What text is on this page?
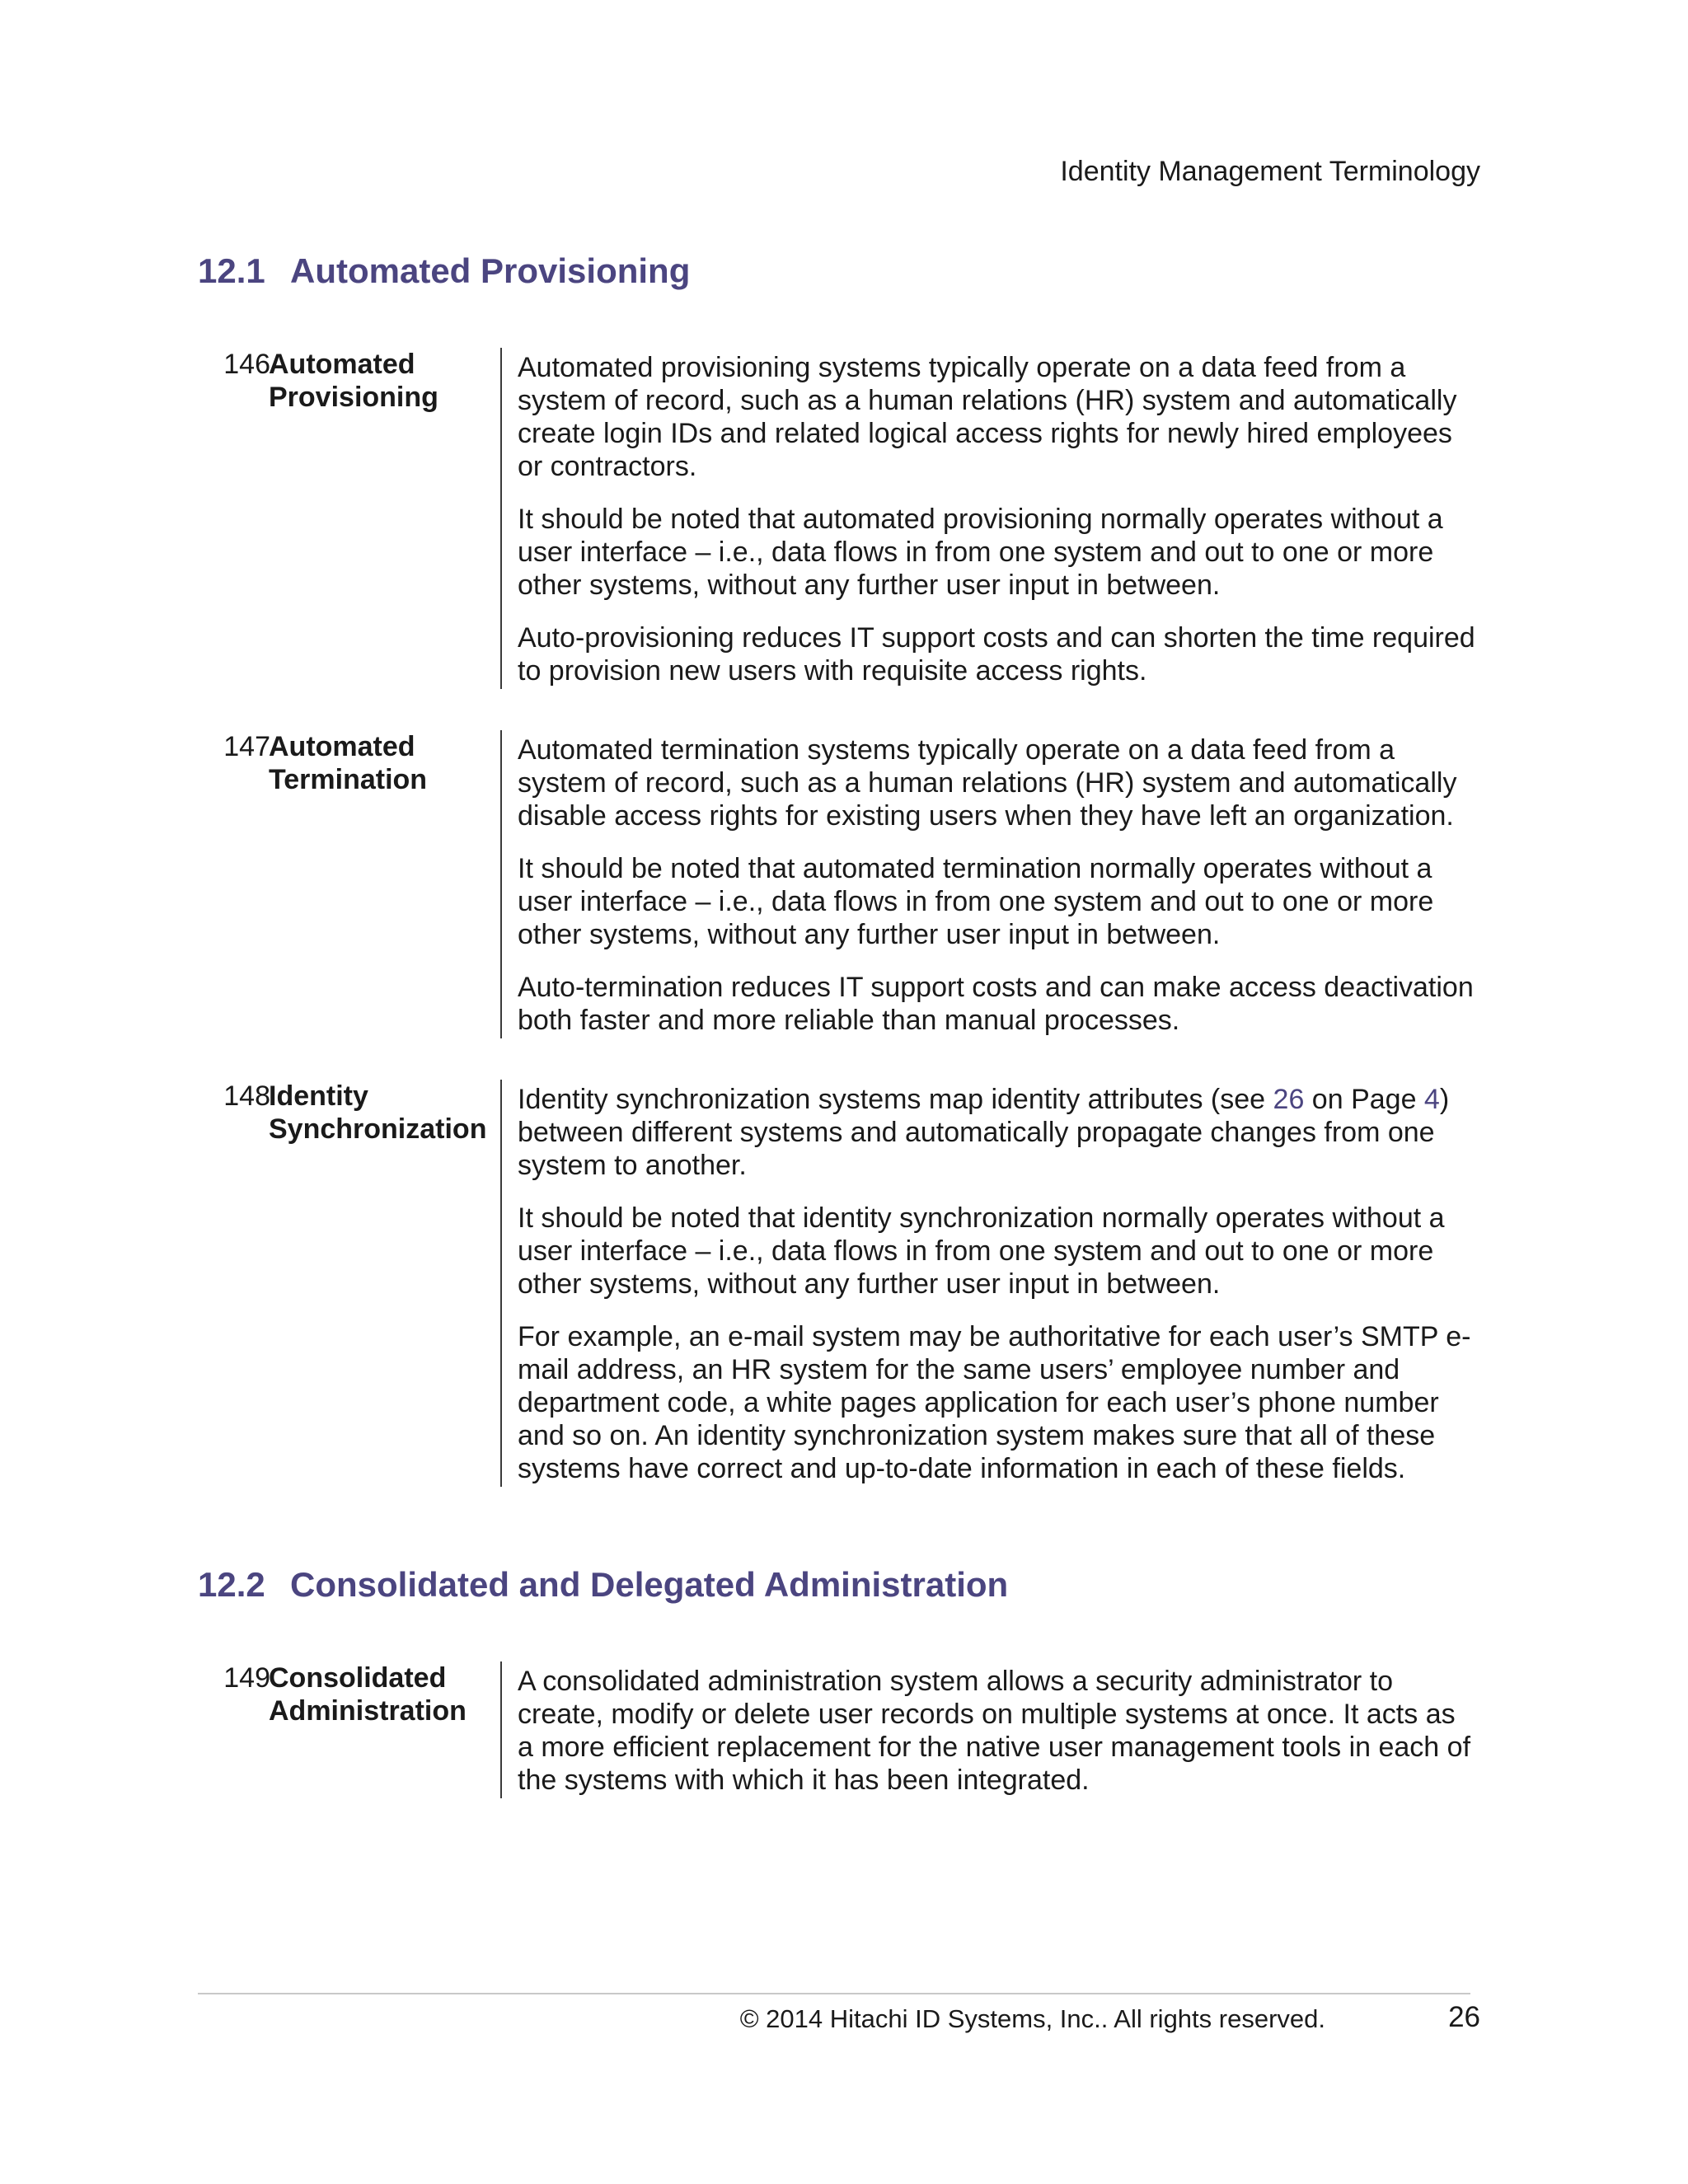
Identity Management Terminology
12.1 Automated Provisioning
146
Automated
Provisioning

Automated provisioning systems typically operate on a data feed from a system of record, such as a human relations (HR) system and automatically create login IDs and related logical access rights for newly hired employees or contractors.

It should be noted that automated provisioning normally operates without a user interface – i.e., data flows in from one system and out to one or more other systems, without any further user input in between.

Auto-provisioning reduces IT support costs and can shorten the time required to provision new users with requisite access rights.

147
Automated
Termination

Automated termination systems typically operate on a data feed from a system of record, such as a human relations (HR) system and automatically disable access rights for existing users when they have left an organization.

It should be noted that automated termination normally operates without a user interface – i.e., data flows in from one system and out to one or more other systems, without any further user input in between.

Auto-termination reduces IT support costs and can make access deactivation both faster and more reliable than manual processes.

148
Identity
Synchronization

Identity synchronization systems map identity attributes (see 26 on Page 4) between different systems and automatically propagate changes from one system to another.

It should be noted that identity synchronization normally operates without a user interface – i.e., data flows in from one system and out to one or more other systems, without any further user input in between.

For example, an e-mail system may be authoritative for each user’s SMTP e-mail address, an HR system for the same users’ employee number and department code, a white pages application for each user’s phone number and so on. An identity synchronization system makes sure that all of these systems have correct and up-to-date information in each of these fields.

12.2 Consolidated and Delegated Administration
149
Consolidated
Administration

A consolidated administration system allows a security administrator to create, modify or delete user records on multiple systems at once. It acts as a more efficient replacement for the native user management tools in each of the systems with which it has been integrated.

© 2014 Hitachi ID Systems, Inc.. All rights reserved.	26
